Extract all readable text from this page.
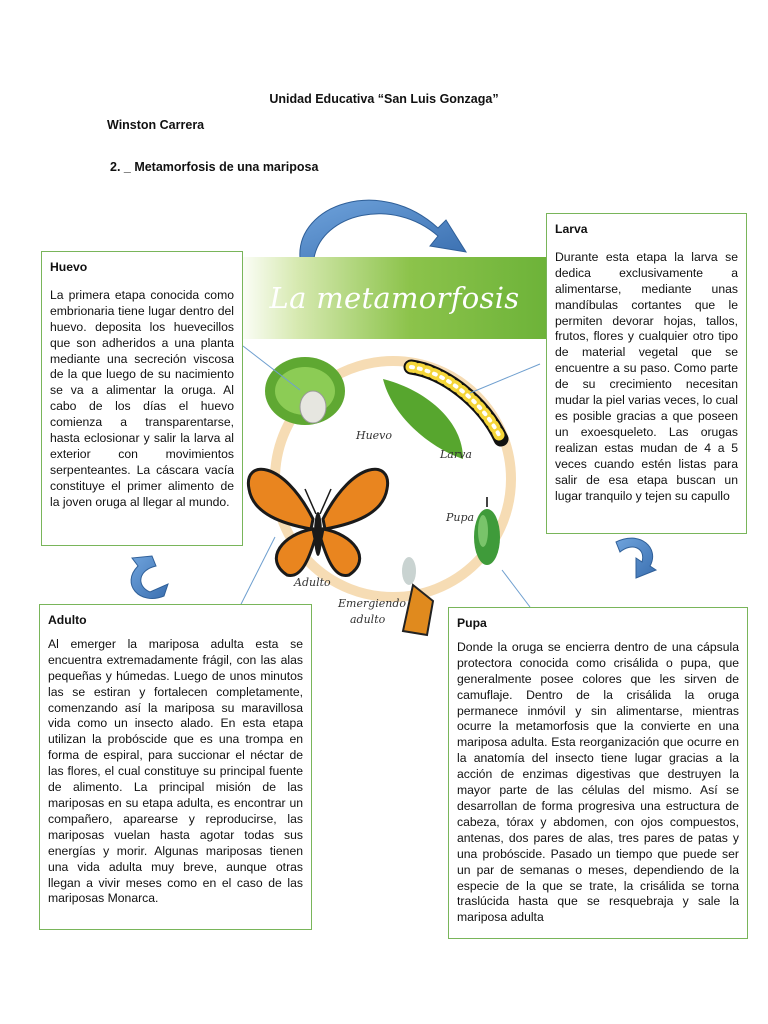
Unidad Educativa “San Luis Gonzaga”
Winston Carrera
2. _ Metamorfosis de una mariposa
La metamorfosis
Huevo
Larva
Pupa
Emergiendo
adulto
Adulto
Huevo

La primera etapa conocida como embrionaria tiene lugar dentro del huevo. deposita los huevecillos que son adheridos a una planta mediante una secreción viscosa de la que luego de su nacimiento se va a alimentar la oruga. Al cabo de los días el huevo comienza a transparentarse, hasta eclosionar y salir la larva al exterior con movimientos serpenteantes. La cáscara vacía constituye el primer alimento de la joven oruga al llegar al mundo.

Larva

Durante esta etapa la larva se dedica exclusivamente a alimentarse, mediante unas mandíbulas cortantes que le permiten devorar hojas, tallos, frutos, flores y cualquier otro tipo de material vegetal que se encuentre a su paso. Como parte de su crecimiento necesitan mudar la piel varias veces, lo cual es posible gracias a que poseen un exoesqueleto. Las orugas realizan estas mudan de 4 a 5 veces cuando estén listas para salir de esa etapa buscan un lugar tranquilo y tejen su capullo

Adulto

Al emerger la mariposa adulta esta se encuentra extremadamente frágil, con las alas pequeñas y húmedas. Luego de unos minutos las se estiran y fortalecen completamente, comenzando así la mariposa su maravillosa vida como un insecto alado. En esta etapa utilizan la probóscide que es una trompa en forma de espiral, para succionar el néctar de las flores, el cual constituye su principal fuente de alimento. La principal misión de las mariposas en su etapa adulta, es encontrar un compañero, aparearse y reproducirse, las mariposas vuelan hasta agotar todas sus energías y morir. Algunas mariposas tienen una vida adulta muy breve, aunque otras llegan a vivir meses como en el caso de las mariposas Monarca.

Pupa

Donde la oruga se encierra dentro de una cápsula protectora conocida como crisálida o pupa, que generalmente posee colores que les sirven de camuflaje. Dentro de la crisálida la oruga permanece inmóvil y sin alimentarse, mientras ocurre la metamorfosis que la convierte en una mariposa adulta. Esta reorganización que ocurre en la anatomía del insecto tiene lugar gracias a la acción de enzimas digestivas que destruyen la mayor parte de las células del mismo. Así se desarrollan de forma progresiva una estructura de cabeza, tórax y abdomen, con ojos compuestos, antenas, dos pares de alas, tres pares de patas y una probóscide. Pasado un tiempo que puede ser un par de semanas o meses, dependiendo de la especie de la que se trate, la crisálida se torna traslúcida hasta que se resquebraja y sale la mariposa adulta
